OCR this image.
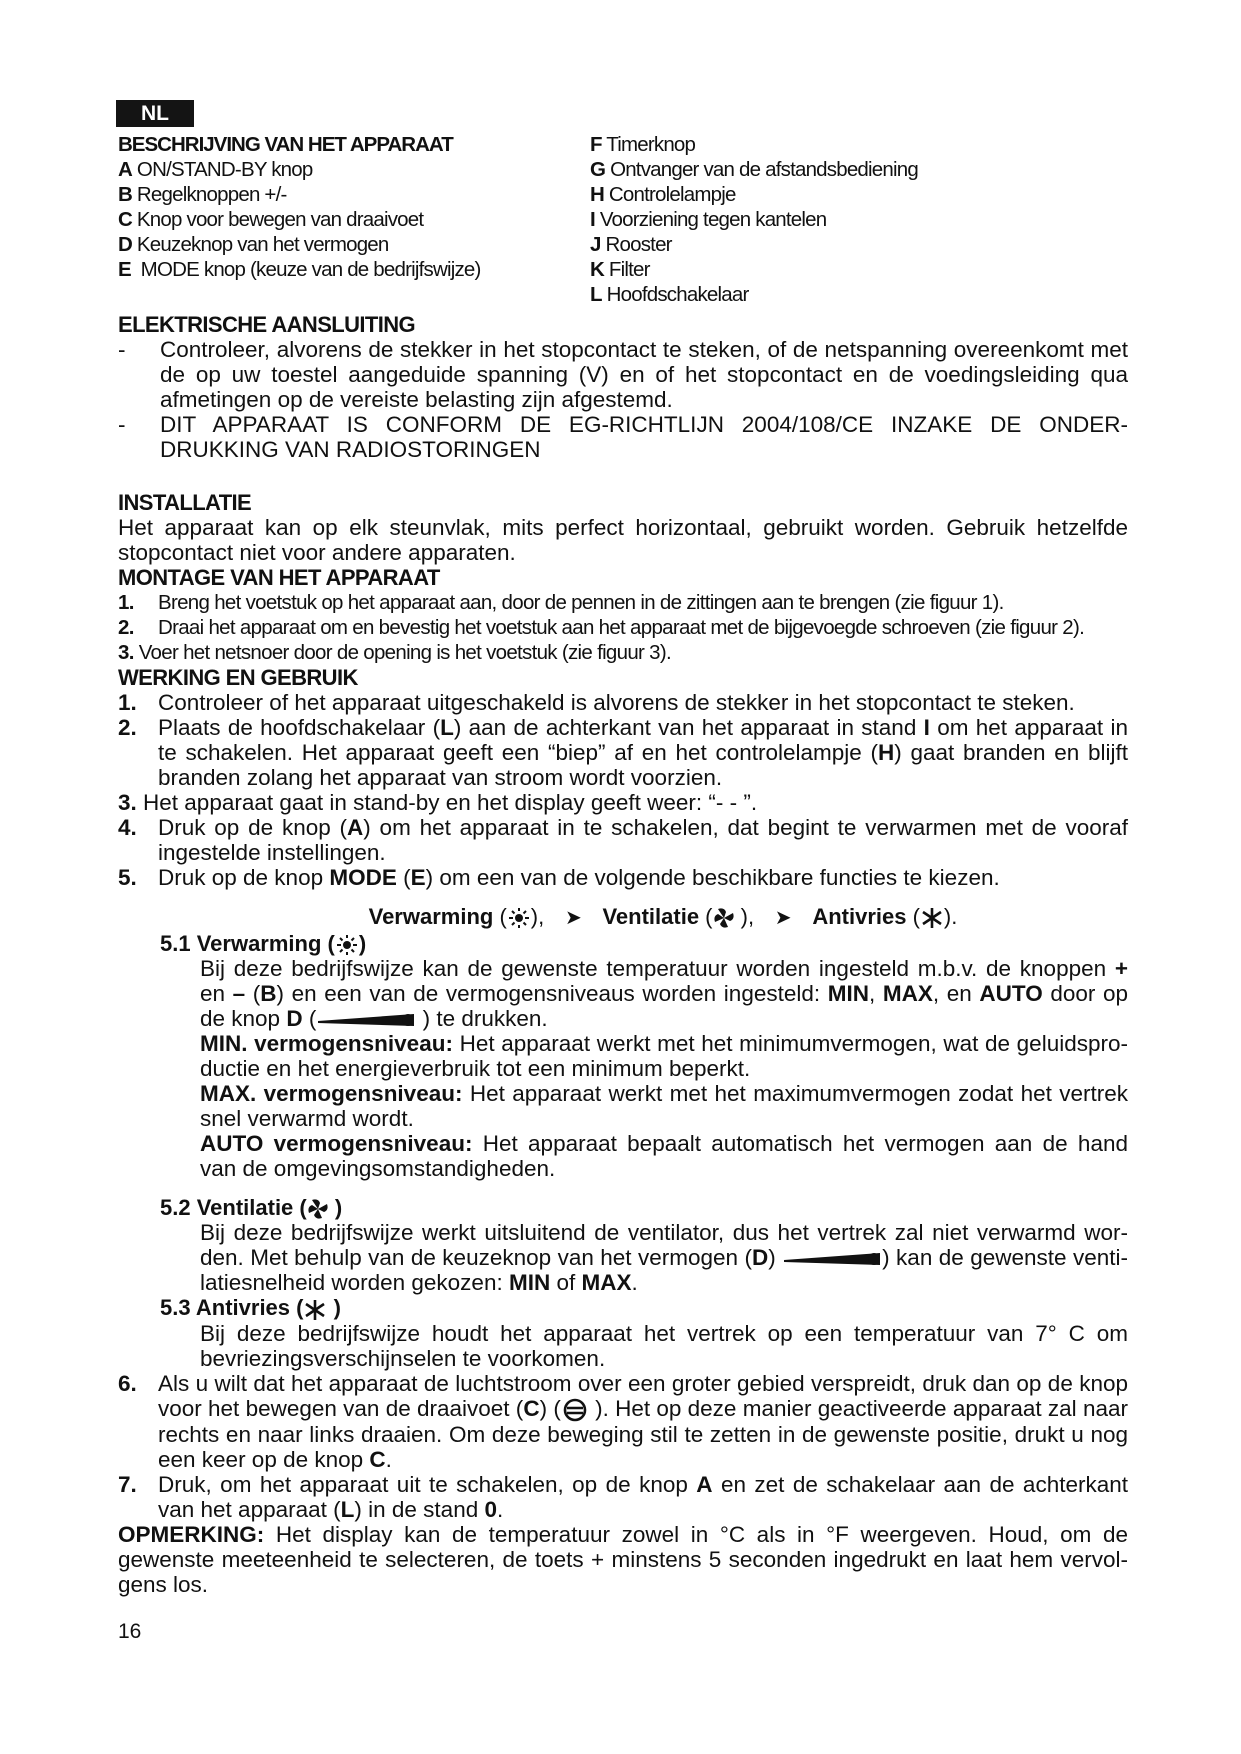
NL
BESCHRIJVING VAN HET APPARAAT
A ON/STAND-BY knop
B Regelknoppen +/-
C Knop voor bewegen van draaivoet
D Keuzeknop van het vermogen
E MODE knop (keuze van de bedrijfswijze)
F Timerknop
G Ontvanger van de afstandsbediening
H Controlelampje
I Voorziening tegen kantelen
J Rooster
K Filter
L Hoofdschakelaar
ELEKTRISCHE AANSLUITING
- Controleer, alvorens de stekker in het stopcontact te steken, of de netspanning overeenkomt met de op uw toestel aangeduide spanning (V) en of het stopcontact en de voedingsleiding qua afmetingen op de vereiste belasting zijn afgestemd.
- DIT APPARAAT IS CONFORM DE EG-RICHTLIJN 2004/108/CE INZAKE DE ONDER-DRUKKING VAN RADIOSTORINGEN
INSTALLATIE
Het apparaat kan op elk steunvlak, mits perfect horizontaal, gebruikt worden. Gebruik hetzelfde stopcontact niet voor andere apparaten.
MONTAGE VAN HET APPARAAT
1. Breng het voetstuk op het apparaat aan, door de pennen in de zittingen aan te brengen (zie figuur 1).
2. Draai het apparaat om en bevestig het voetstuk aan het apparaat met de bijgevoegde schroeven (zie figuur 2).
3. Voer het netsnoer door de opening is het voetstuk (zie figuur 3).
WERKING EN GEBRUIK
1. Controleer of het apparaat uitgeschakeld is alvorens de stekker in het stopcontact te steken.
2. Plaats de hoofdschakelaar (L) aan de achterkant van het apparaat in stand I om het apparaat in te schakelen. Het apparaat geeft een “biep” af en het controlelampje (H) gaat branden en blijft branden zolang het apparaat van stroom wordt voorzien.
3. Het apparaat gaat in stand-by en het display geeft weer: “- - ”.
4. Druk op de knop (A) om het apparaat in te schakelen, dat begint te verwarmen met de vooraf ingestelde instellingen.
5. Druk op de knop MODE (E) om een van de volgende beschikbare functies te kiezen.
Verwarming ( ), ➤ Ventilatie ( ), ➤ Antivries ( ).
5.1 Verwarming ( )
Bij deze bedrijfswijze kan de gewenste temperatuur worden ingesteld m.b.v. de knoppen + en – (B) en een van de vermogensniveaus worden ingesteld: MIN, MAX, en AUTO door op de knop D (	) te drukken.
MIN. vermogensniveau: Het apparaat werkt met het minimumvermogen, wat de geluidspro-ductie en het energieverbruik tot een minimum beperkt.
MAX. vermogensniveau: Het apparaat werkt met het maximumvermogen zodat het vertrek snel verwarmd wordt.
AUTO vermogensniveau: Het apparaat bepaalt automatisch het vermogen aan de hand van de omgevingsomstandigheden.
5.2 Ventilatie ( )
Bij deze bedrijfswijze werkt uitsluitend de ventilator, dus het vertrek zal niet verwarmd wor-den. Met behulp van de keuzeknop van het vermogen (D)	) kan de gewenste venti-latiesnelheid worden gekozen: MIN of MAX.
5.3 Antivries ( )
Bij deze bedrijfswijze houdt het apparaat het vertrek op een temperatuur van 7° C om bevriezingsverschijnselen te voorkomen.
6. Als u wilt dat het apparaat de luchtstroom over een groter gebied verspreidt, druk dan op de knop voor het bewegen van de draaivoet (C) ( ). Het op deze manier geactiveerde apparaat zal naar rechts en naar links draaien. Om deze beweging stil te zetten in de gewenste positie, drukt u nog een keer op de knop C.
7. Druk, om het apparaat uit te schakelen, op de knop A en zet de schakelaar aan de achterkant van het apparaat (L) in de stand 0.
OPMERKING: Het display kan de temperatuur zowel in °C als in °F weergeven. Houd, om de gewenste meeteenheid te selecteren, de toets + minstens 5 seconden ingedrukt en laat hem vervol-gens los.
16
